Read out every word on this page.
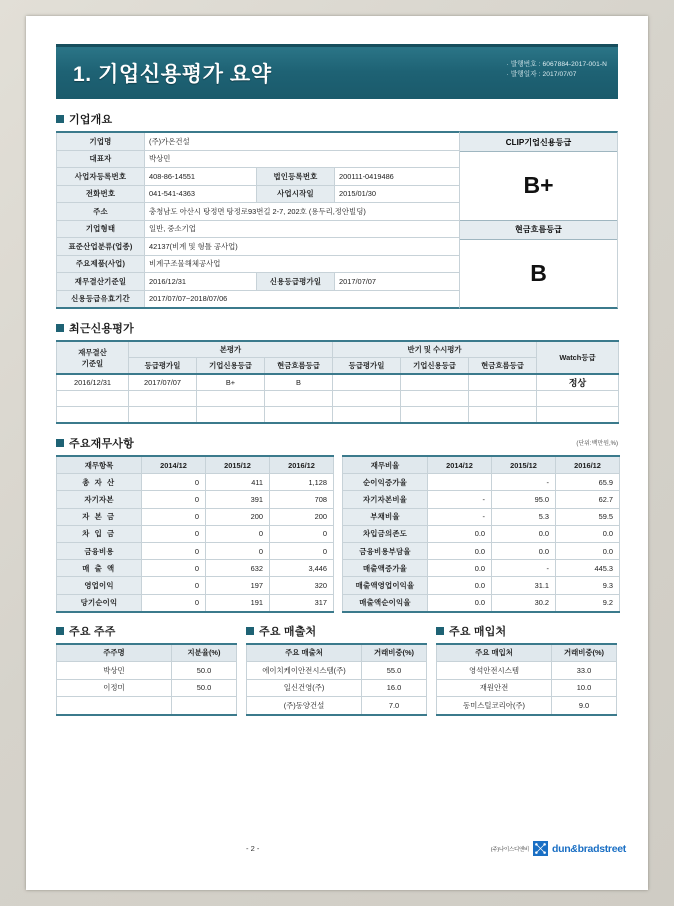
1. 기업신용평가 요약	· 발행번호 : 6067884-2017-001-N
· 발행일자 : 2017/07/07
기업개요
기업명	(주)가온건설		
대표자	박상민		
사업자등록번호	408-86-14551	법인등록번호	200111-0419486
전화번호	041-541-4363	사업시작일	2015/01/30
주소	충청남도 아산시 탕정면 탕정로93번길 2-7, 202호 (용두리,정안빌딩)		
기업형태	일반, 중소기업		
표준산업분류(업종)	42137(비계 및 형틀 공사업)		
주요제품(사업)	비계구조물해체공사업		
재무결산기준일	2016/12/31	신용등급평가일	2017/07/07
신용등급유효기간	2017/07/07~2018/07/06		
CLIP기업신용등급
B+
현금흐름등급
B
최근신용평가
재무결산
기준일	본평가			반기 및 수시평가			Watch등급
	등급평가일	기업신용등급	현금흐름등급	등급평가일	기업신용등급	현금흐름등급	
2016/12/31	2017/07/07	B+	B				정상

주요재무사항	(단위:백만원,%)
재무항목	2014/12	2015/12	2016/12
총 자 산	0	411	1,128
자기자본	0	391	708
자 본 금	0	200	200
차 입 금	0	0	0
금융비용	0	0	0
매 출 액	0	632	3,446
영업이익	0	197	320
당기순이익	0	191	317
재무비율	2014/12	2015/12	2016/12
순이익증가율		-	65.9
자기자본비율	-	95.0	62.7
부채비율	-	5.3	59.5
차입금의존도	0.0	0.0	0.0
금융비용부담율	0.0	0.0	0.0
매출액증가율	0.0	-	445.3
매출액영업이익율	0.0	31.1	9.3
매출액순이익율	0.0	30.2	9.2
주요 주주
주주명	지분율(%)
박상민	50.0
이정미	50.0

주요 매출처
주요 매출처	거래비중(%)
에이치케이안전시스템(주)	55.0
일신건영(주)	16.0
(주)동양건설	7.0
주요 매입처
주요 매입처	거래비중(%)
영석안전시스템	33.0
재원안전	10.0
동미스틸코리아(주)	9.0
- 2 -	(주)나이스디앤비 dun&bradstreet
